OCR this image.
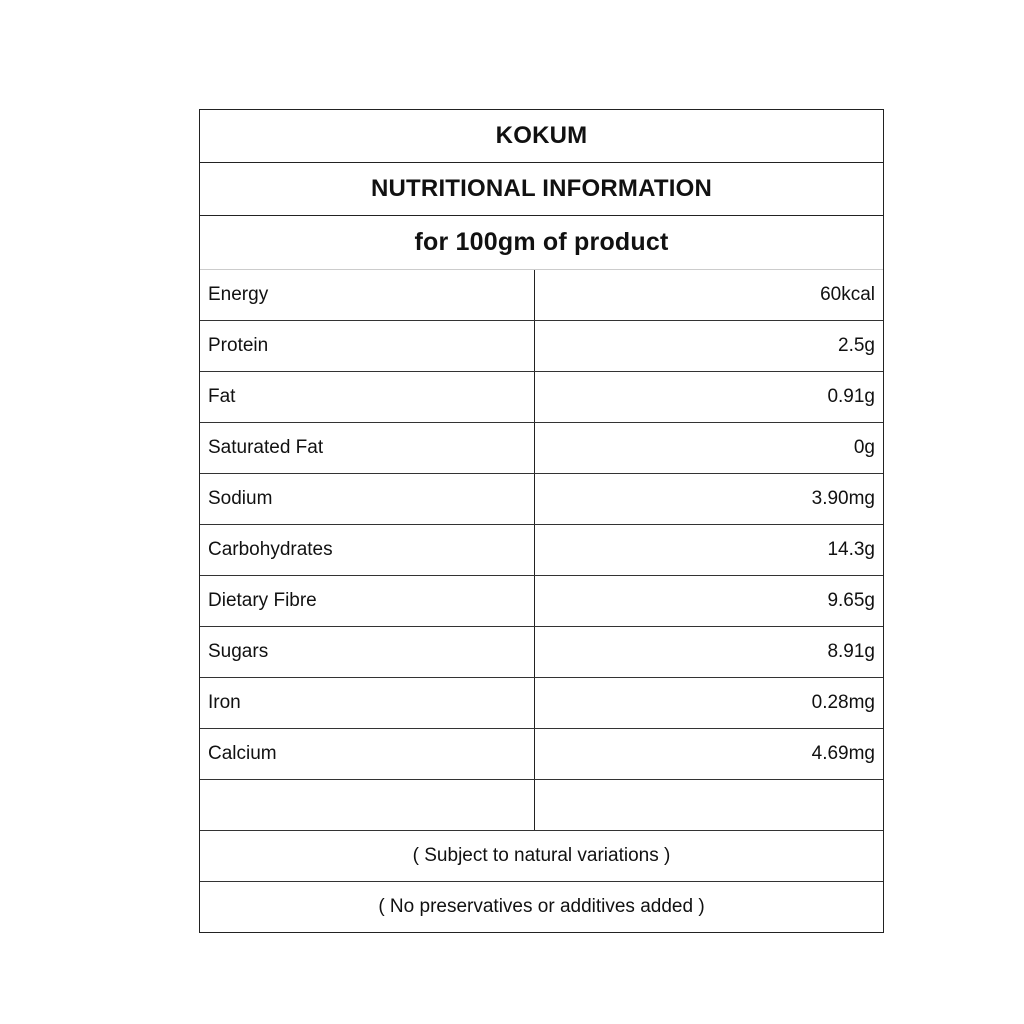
KOKUM
NUTRITIONAL INFORMATION
for 100gm of product
Energy	60kcal
Protein	2.5g
Fat	0.91g
Saturated Fat	0g
Sodium	3.90mg
Carbohydrates	14.3g
Dietary Fibre	9.65g
Sugars	8.91g
Iron	0.28mg
Calcium	4.69mg
( Subject to natural variations )
( No preservatives or additives added )
